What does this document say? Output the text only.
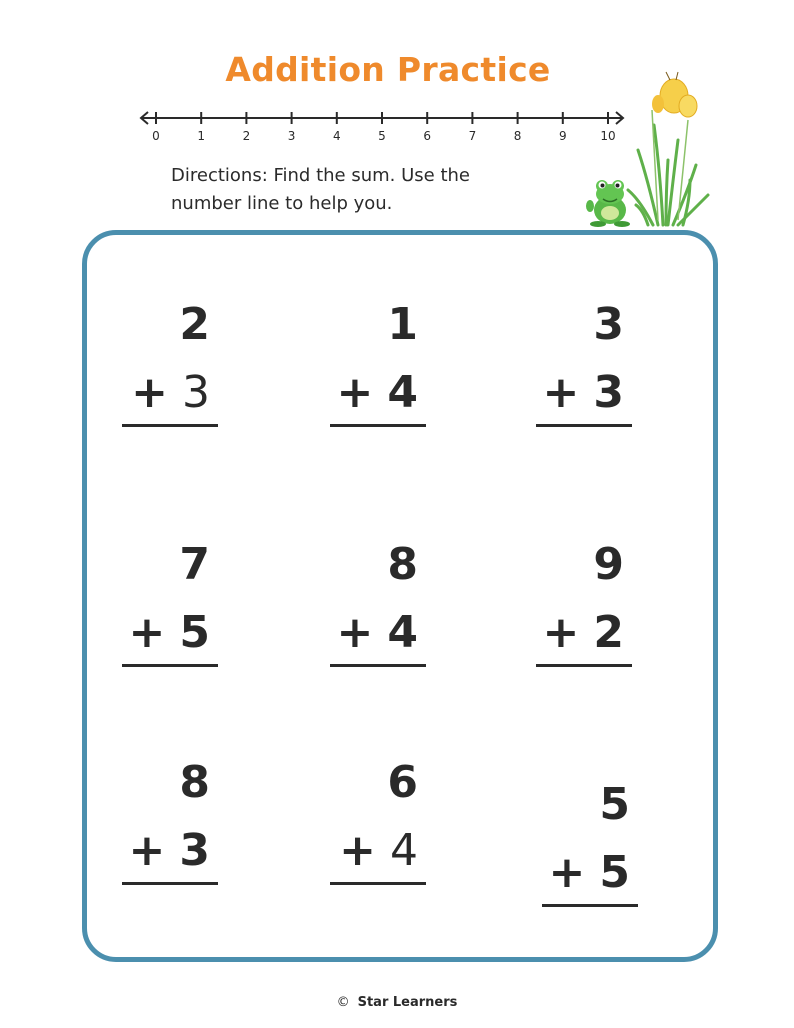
Addition Practice
0	1	2	3	4	5	6	7	8	9	10
Directions: Find the sum. Use the
number line to help you.
2
+ 3
1
+ 4
3
+ 3
7
+ 5
8
+ 4
9
+ 2
8
+ 3
6
+ 4
5
+ 5
© Star Learners
